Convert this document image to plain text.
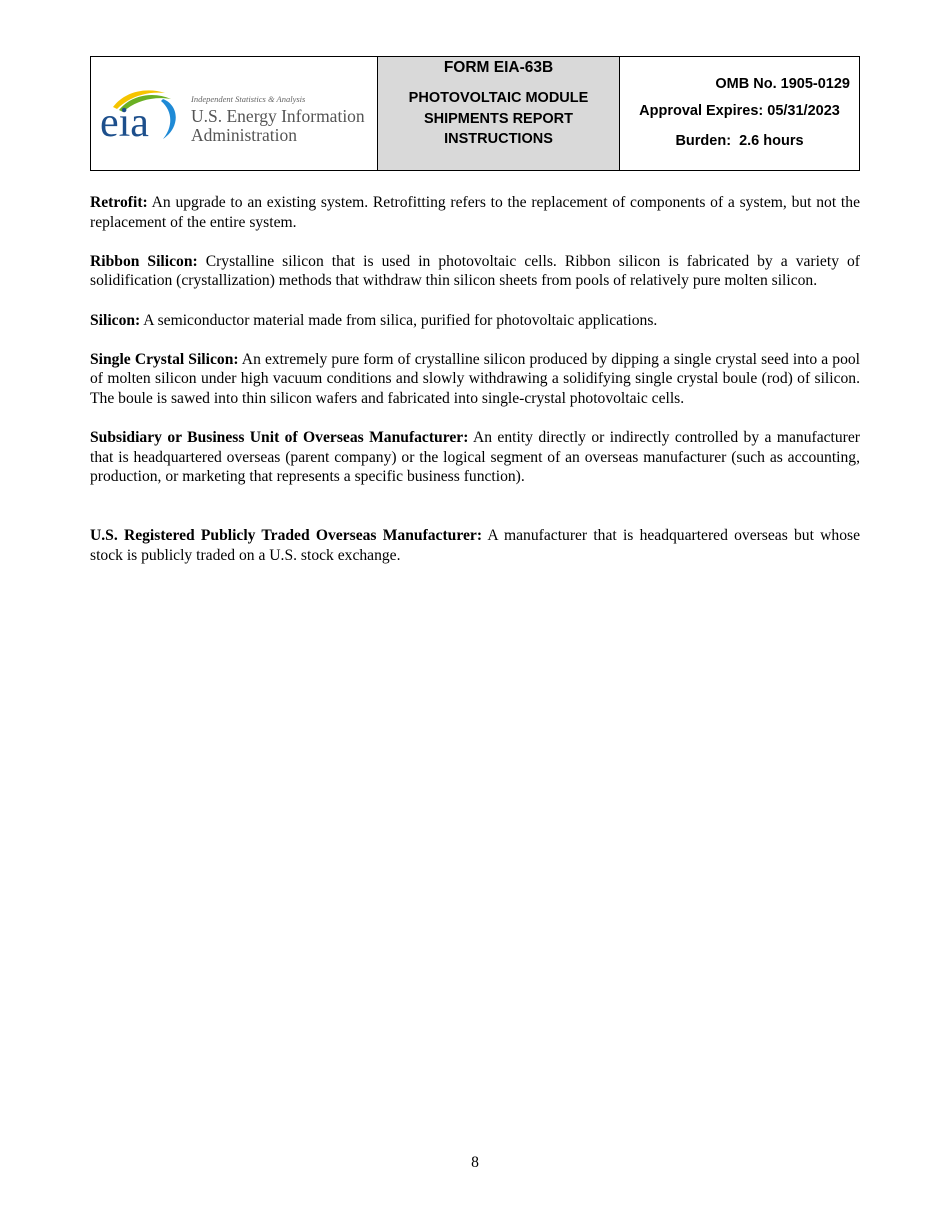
eia
Independent Statistics & Analysis
U.S. Energy Information
Administration
FORM EIA-63B
PHOTOVOLTAIC MODULE SHIPMENTS REPORT INSTRUCTIONS
OMB No. 1905-0129
Approval Expires: 05/31/2023
Burden:  2.6 hours

Retrofit: An upgrade to an existing system. Retrofitting refers to the replacement of components of a system, but not the replacement of the entire system.

Ribbon Silicon: Crystalline silicon that is used in photovoltaic cells. Ribbon silicon is fabricated by a variety of solidification (crystallization) methods that withdraw thin silicon sheets from pools of relatively pure molten silicon.

Silicon: A semiconductor material made from silica, purified for photovoltaic applications.

Single Crystal Silicon: An extremely pure form of crystalline silicon produced by dipping a single crystal seed into a pool of molten silicon under high vacuum conditions and slowly withdrawing a solidifying single crystal boule (rod) of silicon. The boule is sawed into thin silicon wafers and fabricated into single-crystal photovoltaic cells.

Subsidiary or Business Unit of Overseas Manufacturer: An entity directly or indirectly controlled by a manufacturer that is headquartered overseas (parent company) or the logical segment of an overseas manufacturer (such as accounting, production, or marketing that represents a specific business function).

U.S. Registered Publicly Traded Overseas Manufacturer: A manufacturer that is headquartered overseas but whose stock is publicly traded on a U.S. stock exchange.

8
